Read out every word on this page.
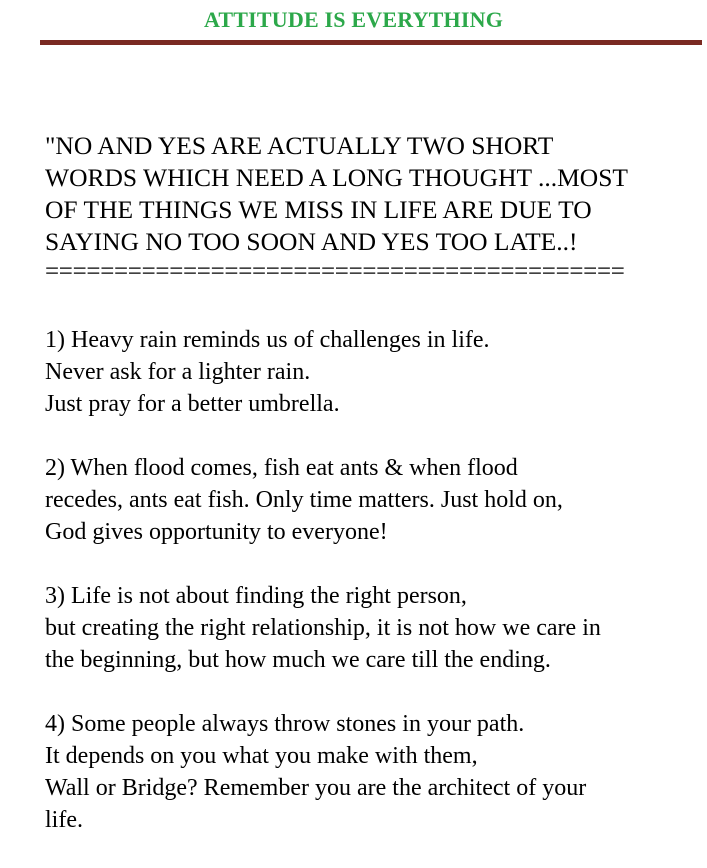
ATTITUDE IS EVERYTHING
"NO AND YES ARE ACTUALLY TWO SHORT
WORDS WHICH NEED A LONG THOUGHT ...MOST
OF THE THINGS WE MISS IN LIFE ARE DUE TO
SAYING NO TOO SOON AND YES TOO LATE..!
==========================================
1) Heavy rain reminds us of challenges in life.
Never ask for a lighter rain.
Just pray for a better umbrella.
2) When flood comes, fish eat ants & when flood
recedes, ants eat fish. Only time matters. Just hold on,
God gives opportunity to everyone!
3) Life is not about finding the right person,
but creating the right relationship, it is not how we care in
the beginning, but how much we care till the ending.
4) Some people always throw stones in your path.
It depends on you what you make with them,
Wall or Bridge? Remember you are the architect of your
life.
